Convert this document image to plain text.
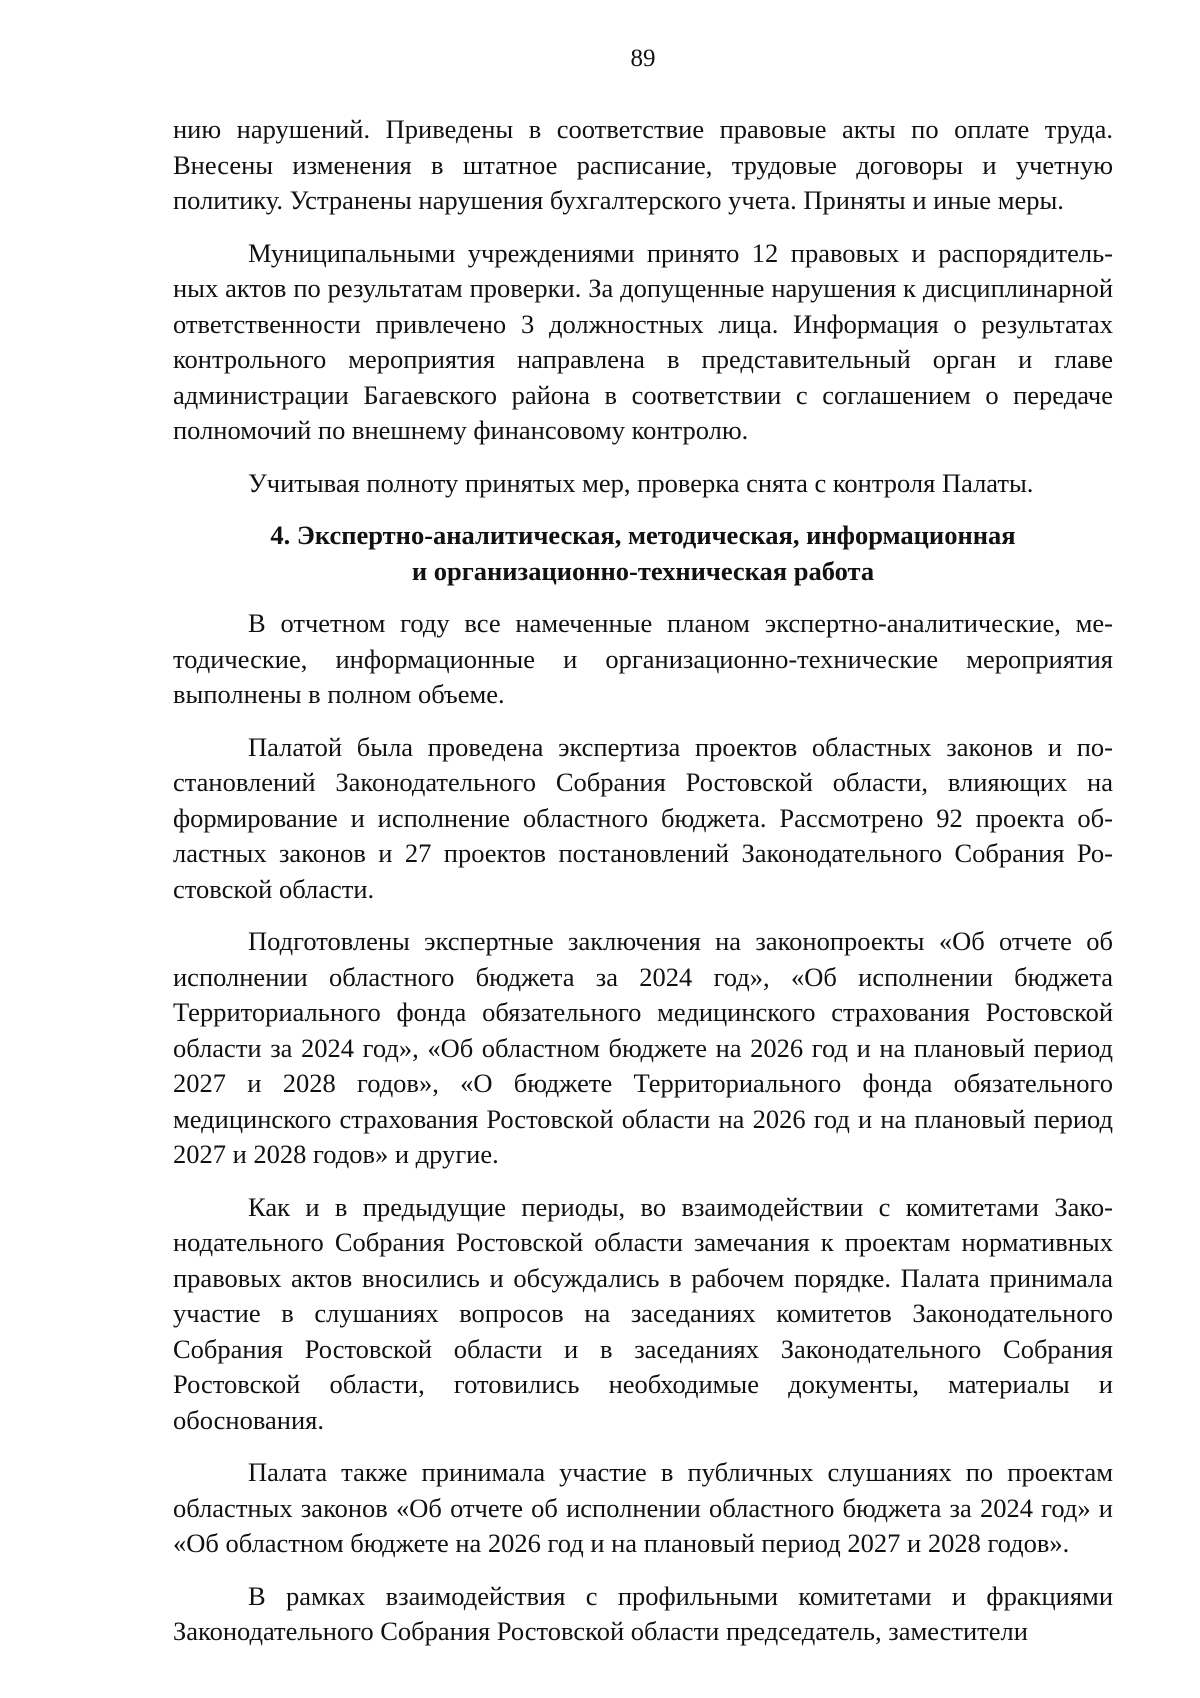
89

нию нарушений. Приведены в соответствие правовые акты по оплате труда. Внесены изменения в штатное расписание, трудовые договоры и учетную политику. Устранены нарушения бухгалтерского учета. Приняты и иные меры.

Муниципальными учреждениями принято 12 правовых и распорядительных актов по результатам проверки. За допущенные нарушения к дисциплинарной ответственности привлечено 3 должностных лица. Информация о результатах контрольного мероприятия направлена в представительный орган и главе администрации Багаевского района в соответствии с соглашением о передаче полномочий по внешнему финансовому контролю.

Учитывая полноту принятых мер, проверка снята с контроля Палаты.

4. Экспертно-аналитическая, методическая, информационная
и организационно-техническая работа

В отчетном году все намеченные планом экспертно-аналитические, методические, информационные и организационно-технические мероприятия выполнены в полном объеме.

Палатой была проведена экспертиза проектов областных законов и постановлений Законодательного Собрания Ростовской области, влияющих на формирование и исполнение областного бюджета. Рассмотрено 92 проекта областных законов и 27 проектов постановлений Законодательного Собрания Ростовской области.

Подготовлены экспертные заключения на законопроекты «Об отчете об исполнении областного бюджета за 2024 год», «Об исполнении бюджета Территориального фонда обязательного медицинского страхования Ростовской области за 2024 год», «Об областном бюджете на 2026 год и на плановый период 2027 и 2028 годов», «О бюджете Территориального фонда обязательного медицинского страхования Ростовской области на 2026 год и на плановый период 2027 и 2028 годов» и другие.

Как и в предыдущие периоды, во взаимодействии с комитетами Законодательного Собрания Ростовской области замечания к проектам нормативных правовых актов вносились и обсуждались в рабочем порядке. Палата принимала участие в слушаниях вопросов на заседаниях комитетов Законодательного Собрания Ростовской области и в заседаниях Законодательного Собрания Ростовской области, готовились необходимые документы, материалы и обоснования.

Палата также принимала участие в публичных слушаниях по проектам областных законов «Об отчете об исполнении областного бюджета за 2024 год» и «Об областном бюджете на 2026 год и на плановый период 2027 и 2028 годов».

В рамках взаимодействия с профильными комитетами и фракциями Законодательного Собрания Ростовской области председатель, заместители
